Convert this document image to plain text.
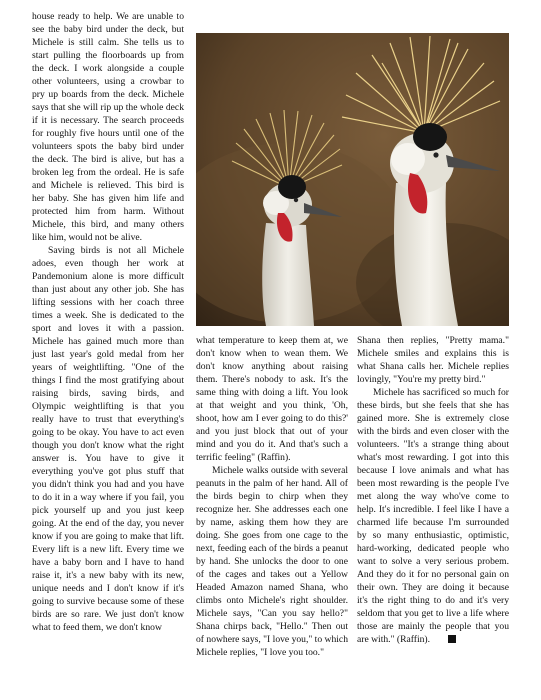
house ready to help. We are unable to see the baby bird under the deck, but Michele is still calm. She tells us to start pulling the floorboards up from the deck. I work alongside a couple other volunteers, using a crowbar to pry up boards from the deck. Michele says that she will rip up the whole deck if it is necessary. The search proceeds for roughly five hours until one of the volunteers spots the baby bird under the deck. The bird is alive, but has a broken leg from the ordeal. He is safe and Michele is relieved. This bird is her baby. She has given him life and protected him from harm. Without Michele, this bird, and many others like him, would not be alive.

Saving birds is not all Michele adoes, even though her work at Pandemonium alone is more difficult than just about any other job. She has lifting sessions with her coach three times a week. She is dedicated to the sport and loves it with a passion. Michele has gained much more than just last year's gold medal from her years of weightlifting. "One of the things I find the most gratifying about raising birds, saving birds, and Olympic weightlifting is that you really have to trust that everything's going to be okay. You have to act even though you don't know what the right answer is. You have to give it everything you've got plus stuff that you didn't think you had and you have to do it in a way where if you fail, you pick yourself up and you just keep going. At the end of the day, you never know if you are going to make that lift. Every lift is a new lift. Every time we have a baby born and I have to hand raise it, it's a new baby with its new, unique needs and I don't know if it's going to survive because some of these birds are so rare. We just don't know what to feed them, we don't know

what temperature to keep them at, we don't know when to wean them. We don't know anything about raising them. There's nobody to ask. It's the same thing with doing a lift. You look at that weight and you think, 'Oh, shoot, how am I ever going to do this?' and you just block that out of your mind and you do it. And that's such a terrific feeling" (Raffin).

Michele walks outside with several peanuts in the palm of her hand. All of the birds begin to chirp when they recognize her. She addresses each one by name, asking them how they are doing. She goes from one cage to the next, feeding each of the birds a peanut by hand. She unlocks the door to one of the cages and takes out a Yellow Headed Amazon named Shana, who climbs onto Michele's right shoulder. Michele says, "Can you say hello?" Shana chirps back, "Hello." Then out of nowhere says, "I love you," to which Michele replies, "I love you too."

Shana then replies, "Pretty mama." Michele smiles and explains this is what Shana calls her. Michele replies lovingly, "You're my pretty bird."

Michele has sacrificed so much for these birds, but she feels that she has gained more. She is extremely close with the birds and even closer with the volunteers. "It's a strange thing about what's most rewarding. I got into this because I love animals and what has been most rewarding is the people I've met along the way who've come to help. It's incredible. I feel like I have a charmed life because I'm surrounded by so many enthusiastic, optimistic, hard-working, dedicated people who want to solve a very serious probem. And they do it for no personal gain on their own. They are doing it because it's the right thing to do and it's very seldom that you get to live a life where those are mainly the people that you are with." (Raffin).
